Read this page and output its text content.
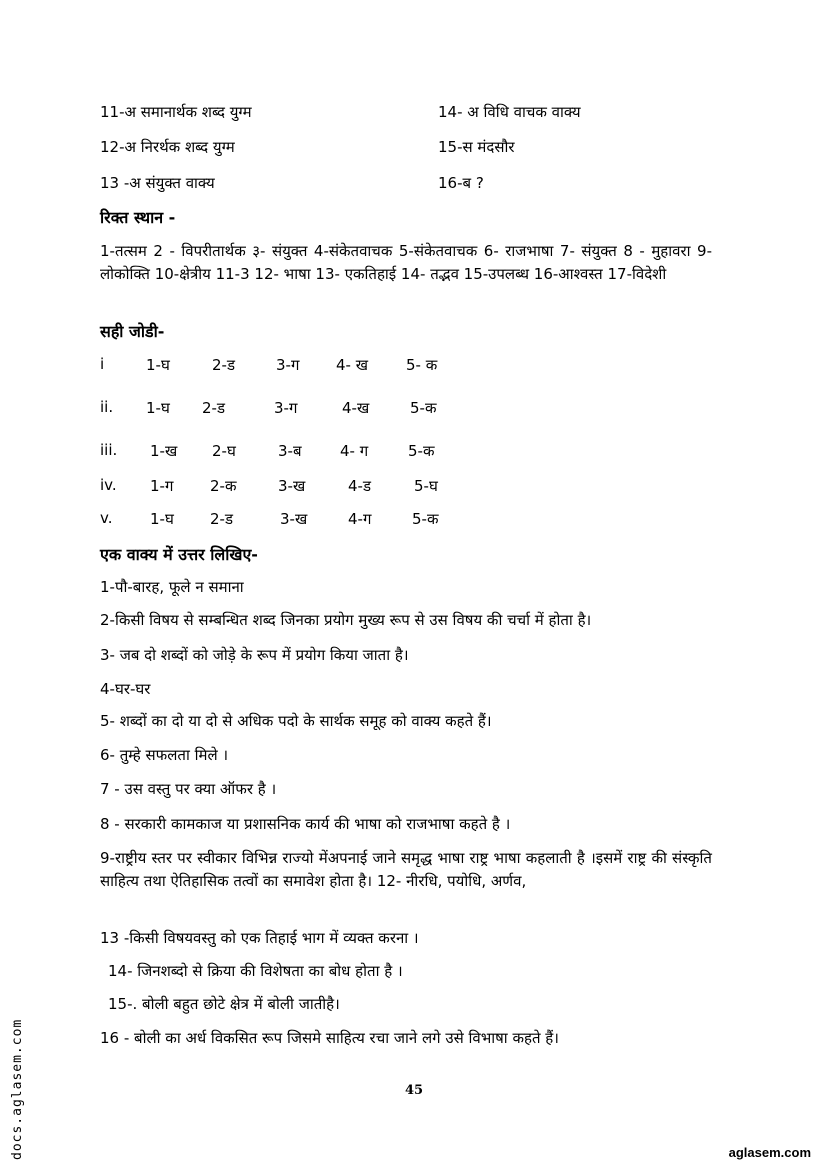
11-अ समानार्थक शब्द युग्म	14- अ विधि वाचक वाक्य
12-अ निरर्थक शब्द युग्म	15-स मंदसौर
13 -अ संयुक्त वाक्य	16-ब ?
रिक्त स्थान -
1-तत्सम 2 - विपरीतार्थक ३- संयुक्त 4-संकेतवाचक 5-संकेतवाचक 6- राजभाषा 7- संयुक्त 8 - मुहावरा 9- लोकोक्ति 10-क्षेत्रीय 11-3 12- भाषा 13- एकतिहाई 14- तद्भव 15-उपलब्ध 16-आश्वस्त 17-विदेशी
सही जोडी-
i	1-घ	2-ड	3-ग 4- ख	5- क
ii. 1-घ 2-ड	3-ग	4-ख	5-क
iii. 1-ख 2-घ	3-ब	4- ग	5-क
iv. 1-ग 2-क	3-ख	4-ड	5-घ
v.	1-घ 2-ड	3-ख	4-ग	5-क
एक वाक्य में उत्तर लिखिए-
1-पौ-बारह, फूले न समाना
2-किसी विषय से सम्बन्धित शब्द जिनका प्रयोग मुख्य रूप से उस विषय की चर्चा में होता है।
3- जब दो शब्दों को जोड़े के रूप में प्रयोग किया जाता है।
4-घर-घर
5- शब्दों का दो या दो से अधिक पदो के सार्थक समूह को वाक्य कहते हैं।
6- तुम्हे सफलता मिले ।
7 - उस वस्तु पर क्या ऑफर है ।
8 - सरकारी कामकाज या प्रशासनिक कार्य की भाषा को राजभाषा कहते है ।
9-राष्ट्रीय स्तर पर स्वीकार विभिन्न राज्यो मेंअपनाई जाने समृद्ध भाषा राष्ट्र भाषा कहलाती है ।इसमें राष्ट्र की संस्कृति साहित्य तथा ऐतिहासिक तत्वों का समावेश होता है। 12- नीरधि, पयोधि, अर्णव,
13 -किसी विषयवस्तु को एक तिहाई भाग में व्यक्त करना ।
14- जिनशब्दो से क्रिया की विशेषता का बोध होता है ।
15-. बोली बहुत छोटे क्षेत्र में बोली जातीहै।
16 - बोली का अर्ध विकसित रूप जिसमे साहित्य रचा जाने लगे उसे विभाषा कहते हैं।
45
aglasem.com
docs.aglasem.com
